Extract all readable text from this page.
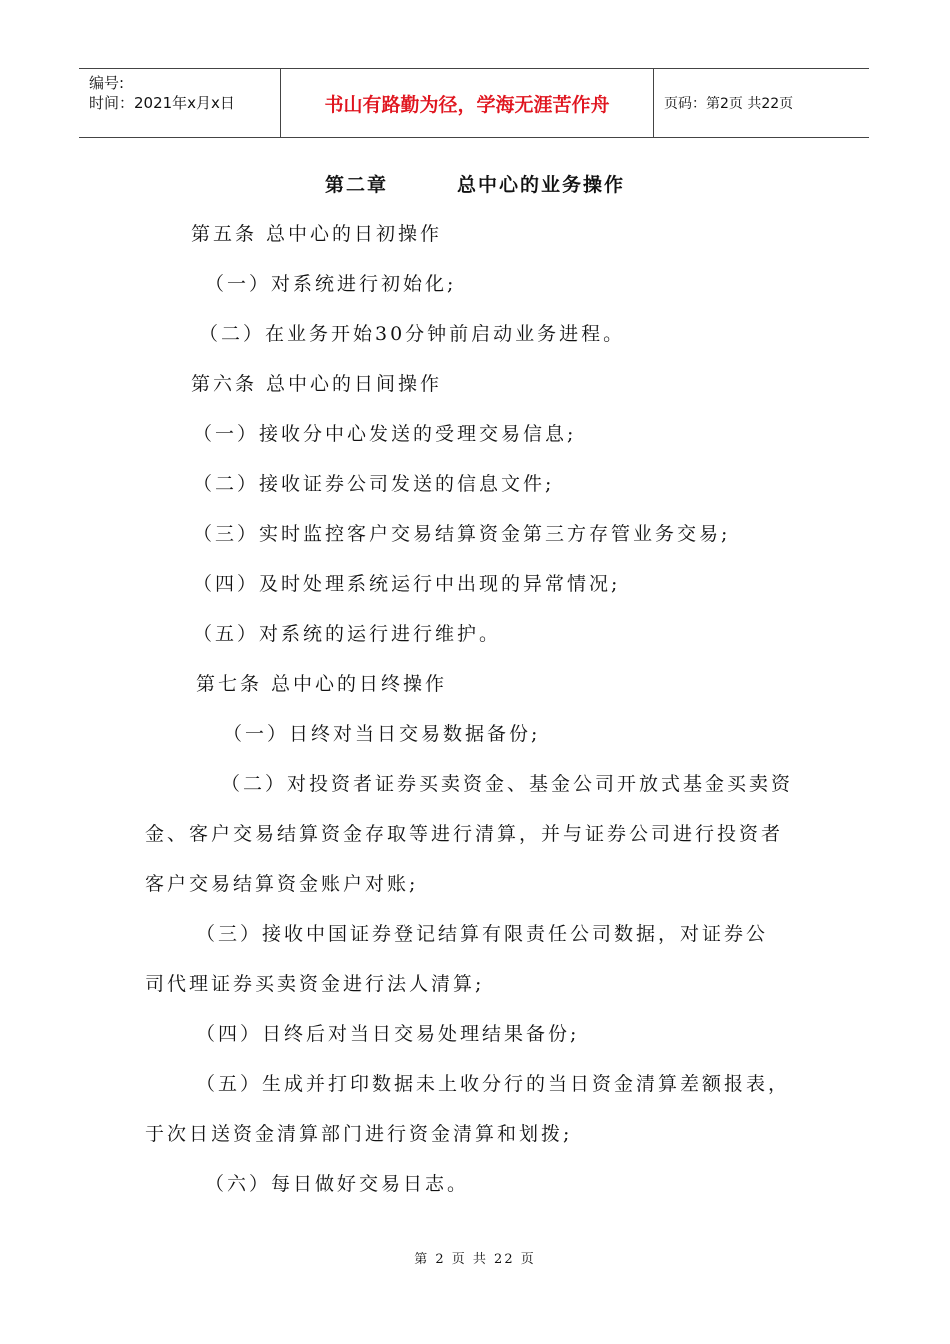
编号:
时间：2021年x月x日	书山有路勤为径，学海无涯苦作舟	页码：第2页 共22页
第二章        总中心的业务操作
第五条 总中心的日初操作
（一）对系统进行初始化;
（二）在业务开始30分钟前启动业务进程。
第六条 总中心的日间操作
（一）接收分中心发送的受理交易信息;
（二）接收证券公司发送的信息文件;
（三）实时监控客户交易结算资金第三方存管业务交易;
（四）及时处理系统运行中出现的异常情况;
（五）对系统的运行进行维护。
第七条 总中心的日终操作
（一）日终对当日交易数据备份;
（二）对投资者证券买卖资金、基金公司开放式基金买卖资
金、客户交易结算资金存取等进行清算，并与证券公司进行投资者
客户交易结算资金账户对账;
（三）接收中国证券登记结算有限责任公司数据，对证券公
司代理证券买卖资金进行法人清算;
（四）日终后对当日交易处理结果备份;
（五）生成并打印数据未上收分行的当日资金清算差额报表，
于次日送资金清算部门进行资金清算和划拨;
（六）每日做好交易日志。
第 2 页 共 22 页
